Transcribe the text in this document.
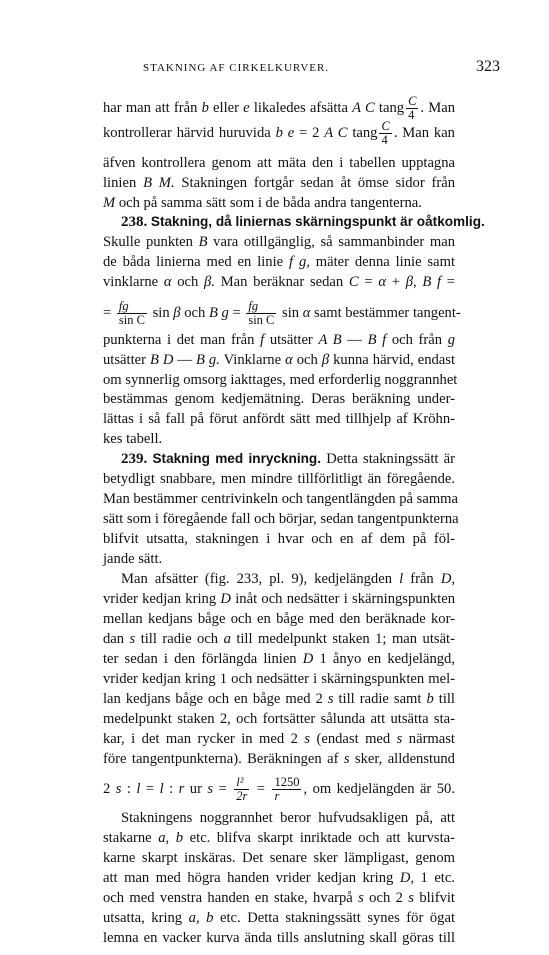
STAKNING AF CIRKELKURVER.	323
har man att från b eller e likaledes afsätta A C tang $\frac{C}{4}$ . Man
kontrollerar härvid huruvida b e = 2 A C tang $\frac{C}{4}$ . Man kan
äfven kontrollera genom att mäta den i tabellen upptagna
linien B M. Stakningen fortgår sedan åt ömse sidor från
M och på samma sätt som i de båda andra tangenterna.
238. Stakning, då liniernas skärningspunkt är oåtkomlig.
Skulle punkten B vara otillgänglig, så sammanbinder man
de båda linierna med en linie f g, mäter denna linie samt
vinklarne α och β. Man beräknar sedan C = α + β, B f =
= $\frac{fg}{\text{sin C}}$ sin β och B $g = \frac{fg}{\text{sin C}}$ sin α samt bestämmer tangent-
punkterna i det man från f utsätter A B — B f och från g
utsätter B D — B g. Vinklarne α och β kunna härvid, endast
om synnerlig omsorg iakttages, med erforderlig noggrannhet
bestämmas genom kedjemätning. Deras beräkning under-
lättas i så fall på förut anfördt sätt med tillhjelp af Kröhn-
kes tabell.
239. Stakning med inryckning. Detta stakningssätt är
betydligt snabbare, men mindre tillförlitligt än föregående.
Man bestämmer centrivinkeln och tangentlängden på samma
sätt som i föregående fall och börjar, sedan tangentpunkterna
blifvit utsatta, stakningen i hvar och en af dem på föl-
jande sätt.
Man afsätter (fig. 233, pl. 9), kedjelängden l från D,
vrider kedjan kring D inåt och nedsätter i skärningspunkten
mellan kedjans båge och en båge med den beräknade kor-
dan s till radie och a till medelpunkt staken 1; man utsät-
ter sedan i den förlängda linien D 1 ånyo en kedjelängd,
vrider kedjan kring 1 och nedsätter i skärningspunkten mel-
lan kedjans båge och en båge med 2 s till radie samt b till
medelpunkt staken 2, och fortsätter sålunda att utsätta sta-
kar, i det man rycker in med 2 s (endast med s närmast
före tangentpunkterna). Beräkningen af s sker, alldenstund
2 s : l = l : r ur $s = \frac{\text{l²}}{2r} = \frac{1250}{r}$ , om kedjelängden är 50.
Stakningens noggrannhet beror hufvudsakligen på, att
stakarne a, b etc. blifva skarpt inriktade och att kurvsta-
karne skarpt inskäras. Det senare sker lämpligast, genom
att man med högra handen vrider kedjan kring D, 1 etc.
och med venstra handen en stake, hvarpå s och 2 s blifvit
utsatta, kring a, b etc. Detta stakningssätt synes för ögat
lemna en vacker kurva ända tills anslutning skall göras till
